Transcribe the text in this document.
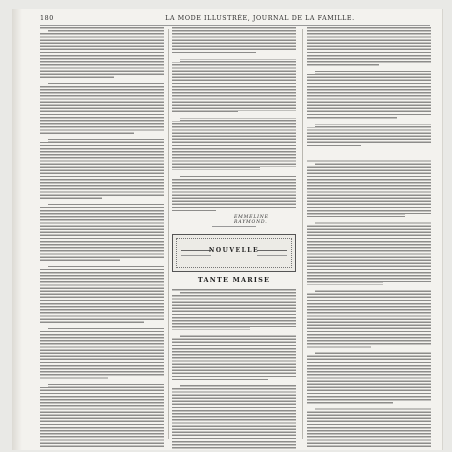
180	LA MODE ILLUSTRÉE, JOURNAL DE LA FAMILLE.
EMMELINE RAYMOND.
NOUVELLE
TANTE MARISE
